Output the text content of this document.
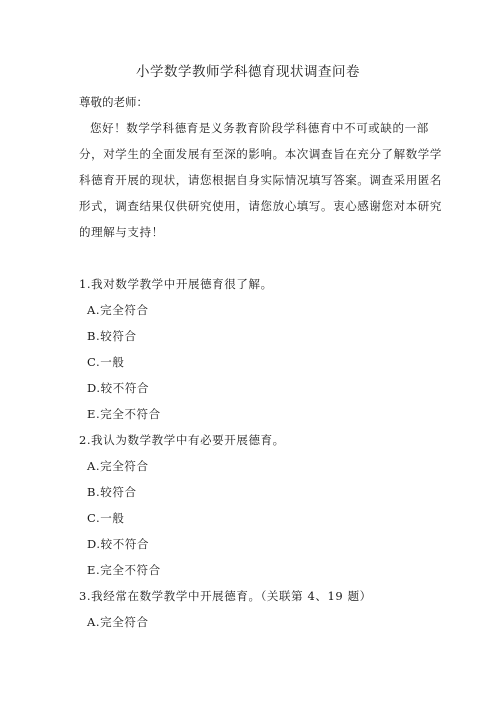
小学数学教师学科德育现状调查问卷
尊敬的老师：
您好！数学学科德育是义务教育阶段学科德育中不可或缺的一部
分，对学生的全面发展有至深的影响。本次调查旨在充分了解数学学
科德育开展的现状，请您根据自身实际情况填写答案。调查采用匿名
形式，调查结果仅供研究使用，请您放心填写。衷心感谢您对本研究
的理解与支持！
1.我对数学教学中开展德育很了解。
A.完全符合
B.较符合
C.一般
D.较不符合
E.完全不符合
2.我认为数学教学中有必要开展德育。
A.完全符合
B.较符合
C.一般
D.较不符合
E.完全不符合
3.我经常在数学教学中开展德育。（关联第 4、19 题）
A.完全符合
